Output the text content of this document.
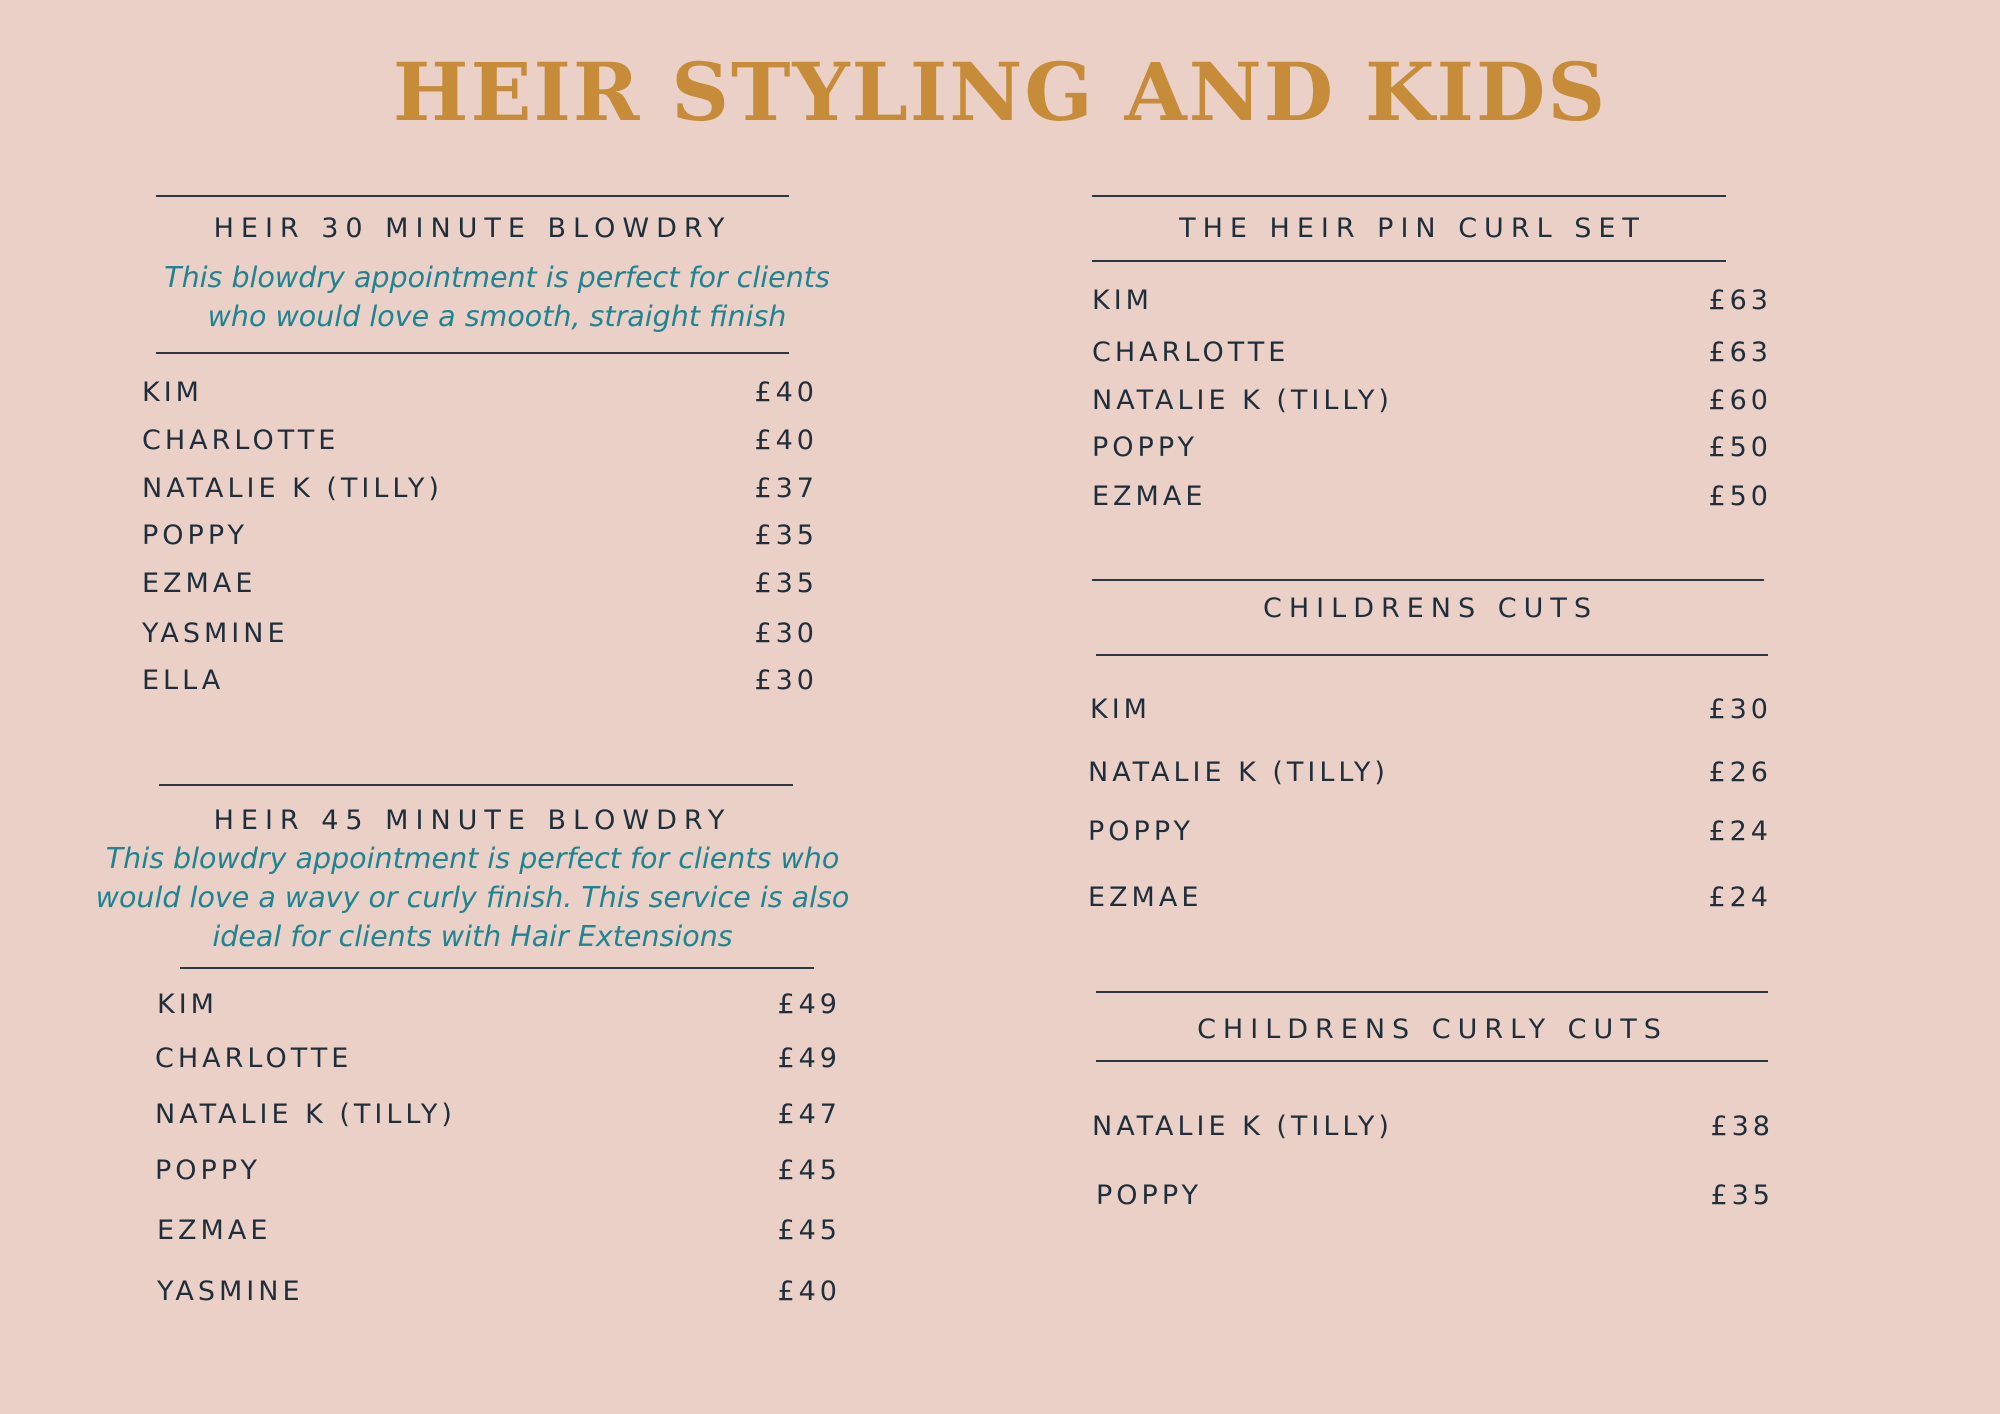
HEIR STYLING AND KIDS
HEIR 30 MINUTE BLOWDRY
This blowdry appointment is perfect for clients who would love a smooth, straight finish
KIM	£40
CHARLOTTE	£40
NATALIE K (TILLY)	£37
POPPY	£35
EZMAE	£35
YASMINE	£30
ELLA	£30
HEIR 45 MINUTE BLOWDRY
This blowdry appointment is perfect for clients who would love a wavy or curly finish. This service is also ideal for clients with Hair Extensions
KIM	£49
CHARLOTTE	£49
NATALIE K (TILLY)	£47
POPPY	£45
EZMAE	£45
YASMINE	£40
THE HEIR PIN CURL SET
KIM	£63
CHARLOTTE	£63
NATALIE K (TILLY)	£60
POPPY	£50
EZMAE	£50
CHILDRENS CUTS
KIM	£30
NATALIE K (TILLY)	£26
POPPY	£24
EZMAE	£24
CHILDRENS CURLY CUTS
NATALIE K (TILLY)	£38
POPPY	£35
